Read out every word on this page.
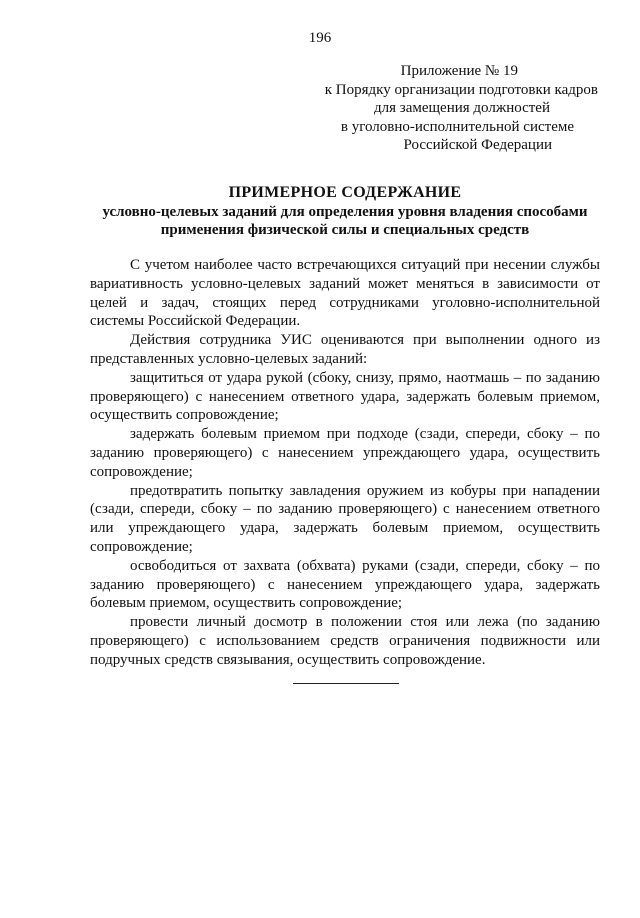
196
Приложение № 19
к Порядку организации подготовки кадров
для замещения должностей
в уголовно-исполнительной системе
Российской Федерации
ПРИМЕРНОЕ СОДЕРЖАНИЕ
условно-целевых заданий для определения уровня владения способами
применения физической силы и специальных средств

С учетом наиболее часто встречающихся ситуаций при несении службы вариативность условно-целевых заданий может меняться в зависимости от целей и задач, стоящих перед сотрудниками уголовно-исполнительной системы Российской Федерации.

Действия сотрудника УИС оцениваются при выполнении одного из представленных условно-целевых заданий:

защититься от удара рукой (сбоку, снизу, прямо, наотмашь – по заданию проверяющего) с нанесением ответного удара, задержать болевым приемом, осуществить сопровождение;

задержать болевым приемом при подходе (сзади, спереди, сбоку – по заданию проверяющего) с нанесением упреждающего удара, осуществить сопровождение;

предотвратить попытку завладения оружием из кобуры при нападении (сзади, спереди, сбоку – по заданию проверяющего) с нанесением ответного или упреждающего удара, задержать болевым приемом, осуществить сопровождение;

освободиться от захвата (обхвата) руками (сзади, спереди, сбоку – по заданию проверяющего) с нанесением упреждающего удара, задержать болевым приемом, осуществить сопровождение;

провести личный досмотр в положении стоя или лежа (по заданию проверяющего) с использованием средств ограничения подвижности или подручных средств связывания, осуществить сопровождение.
